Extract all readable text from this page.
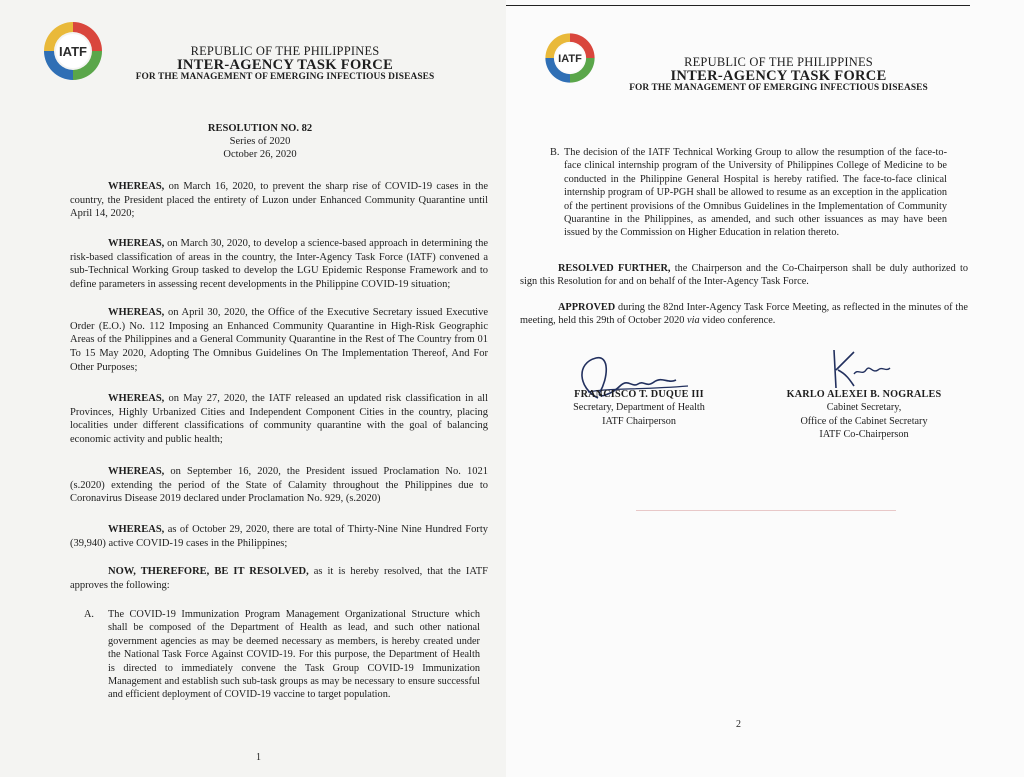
IATF	REPUBLIC OF THE PHILIPPINES
INTER-AGENCY TASK FORCE
FOR THE MANAGEMENT OF EMERGING INFECTIOUS DISEASES
RESOLUTION NO. 82
Series of 2020
October 26, 2020

WHEREAS, on March 16, 2020, to prevent the sharp rise of COVID-19 cases in the country, the President placed the entirety of Luzon under Enhanced Community Quarantine until April 14, 2020;

WHEREAS, on March 30, 2020, to develop a science-based approach in determining the risk-based classification of areas in the country, the Inter-Agency Task Force (IATF) convened a sub-Technical Working Group tasked to develop the LGU Epidemic Response Framework and to define parameters in assessing recent developments in the Philippine COVID-19 situation;

WHEREAS, on April 30, 2020, the Office of the Executive Secretary issued Executive Order (E.O.) No. 112 Imposing an Enhanced Community Quarantine in High-Risk Geographic Areas of the Philippines and a General Community Quarantine in the Rest of The Country from 01 To 15 May 2020, Adopting The Omnibus Guidelines On The Implementation Thereof, And For Other Purposes;

WHEREAS, on May 27, 2020, the IATF released an updated risk classification in all Provinces, Highly Urbanized Cities and Independent Component Cities in the country, placing localities under different classifications of community quarantine with the goal of balancing economic activity and public health;

WHEREAS, on September 16, 2020, the President issued Proclamation No. 1021 (s.2020) extending the period of the State of Calamity throughout the Philippines due to Coronavirus Disease 2019 declared under Proclamation No. 929, (s.2020)

WHEREAS, as of October 29, 2020, there are total of Thirty-Nine Nine Hundred Forty (39,940) active COVID-19 cases in the Philippines;

NOW, THEREFORE, BE IT RESOLVED, as it is hereby resolved, that the IATF approves the following:

A. The COVID-19 Immunization Program Management Organizational Structure which shall be composed of the Department of Health as lead, and such other national government agencies as may be deemed necessary as members, is hereby created under the National Task Force Against COVID-19. For this purpose, the Department of Health is directed to immediately convene the Task Group COVID-19 Immunization Management and establish such sub-task groups as may be necessary to ensure successful and efficient deployment of COVID-19 vaccine to target population.
1
IATF	REPUBLIC OF THE PHILIPPINES
INTER-AGENCY TASK FORCE
FOR THE MANAGEMENT OF EMERGING INFECTIOUS DISEASES
B. The decision of the IATF Technical Working Group to allow the resumption of the face-to-face clinical internship program of the University of Philippines College of Medicine to be conducted in the Philippine General Hospital is hereby ratified. The face-to-face clinical internship program of UP-PGH shall be allowed to resume as an exception in the application of the pertinent provisions of the Omnibus Guidelines in the Implementation of Community Quarantine in the Philippines, as amended, and such other issuances as may have been issued by the Commission on Higher Education in relation thereto.

RESOLVED FURTHER, the Chairperson and the Co-Chairperson shall be duly authorized to sign this Resolution for and on behalf of the Inter-Agency Task Force.

APPROVED during the 82nd Inter-Agency Task Force Meeting, as reflected in the minutes of the meeting, held this 29th of October 2020 via video conference.

FRANCISCO T. DUQUE III
Secretary, Department of Health
IATF Chairperson
KARLO ALEXEI B. NOGRALES
Cabinet Secretary,
Office of the Cabinet Secretary
IATF Co-Chairperson
2
